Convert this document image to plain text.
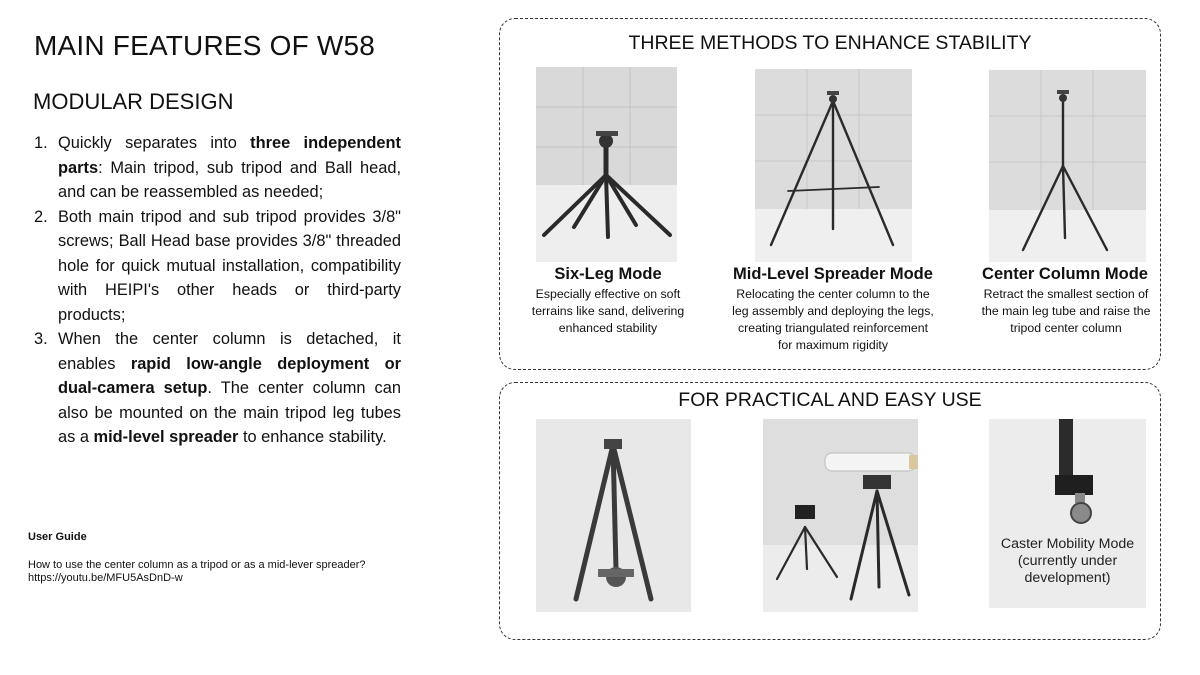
MAIN FEATURES OF W58
MODULAR DESIGN
1. Quickly separates into three independent parts: Main tripod, sub tripod and Ball head, and can be reassembled as needed;
2. Both main tripod and sub tripod provides 3/8" screws; Ball Head base provides 3/8" threaded hole for quick mutual installation, compatibility with HEIPI's other heads or third-party products;
3. When the center column is detached, it enables rapid low-angle deployment or dual-camera setup. The center column can also be mounted on the main tripod leg tubes as a mid-level spreader to enhance stability.
User Guide
How to use the center column as a tripod or as a mid-lever spreader?
https://youtu.be/MFU5AsDnD-w
THREE METHODS TO ENHANCE STABILITY
Six-Leg Mode
Especially effective on soft
terrains like sand, delivering
enhanced stability
Mid-Level Spreader Mode
Relocating the center column to the
leg assembly and deploying the legs,
creating triangulated reinforcement
for maximum rigidity
Center Column Mode
Retract the smallest section of
the main leg tube and raise the
tripod center column
FOR PRACTICAL AND EASY USE
Caster Mobility Mode
(currently under
development)
